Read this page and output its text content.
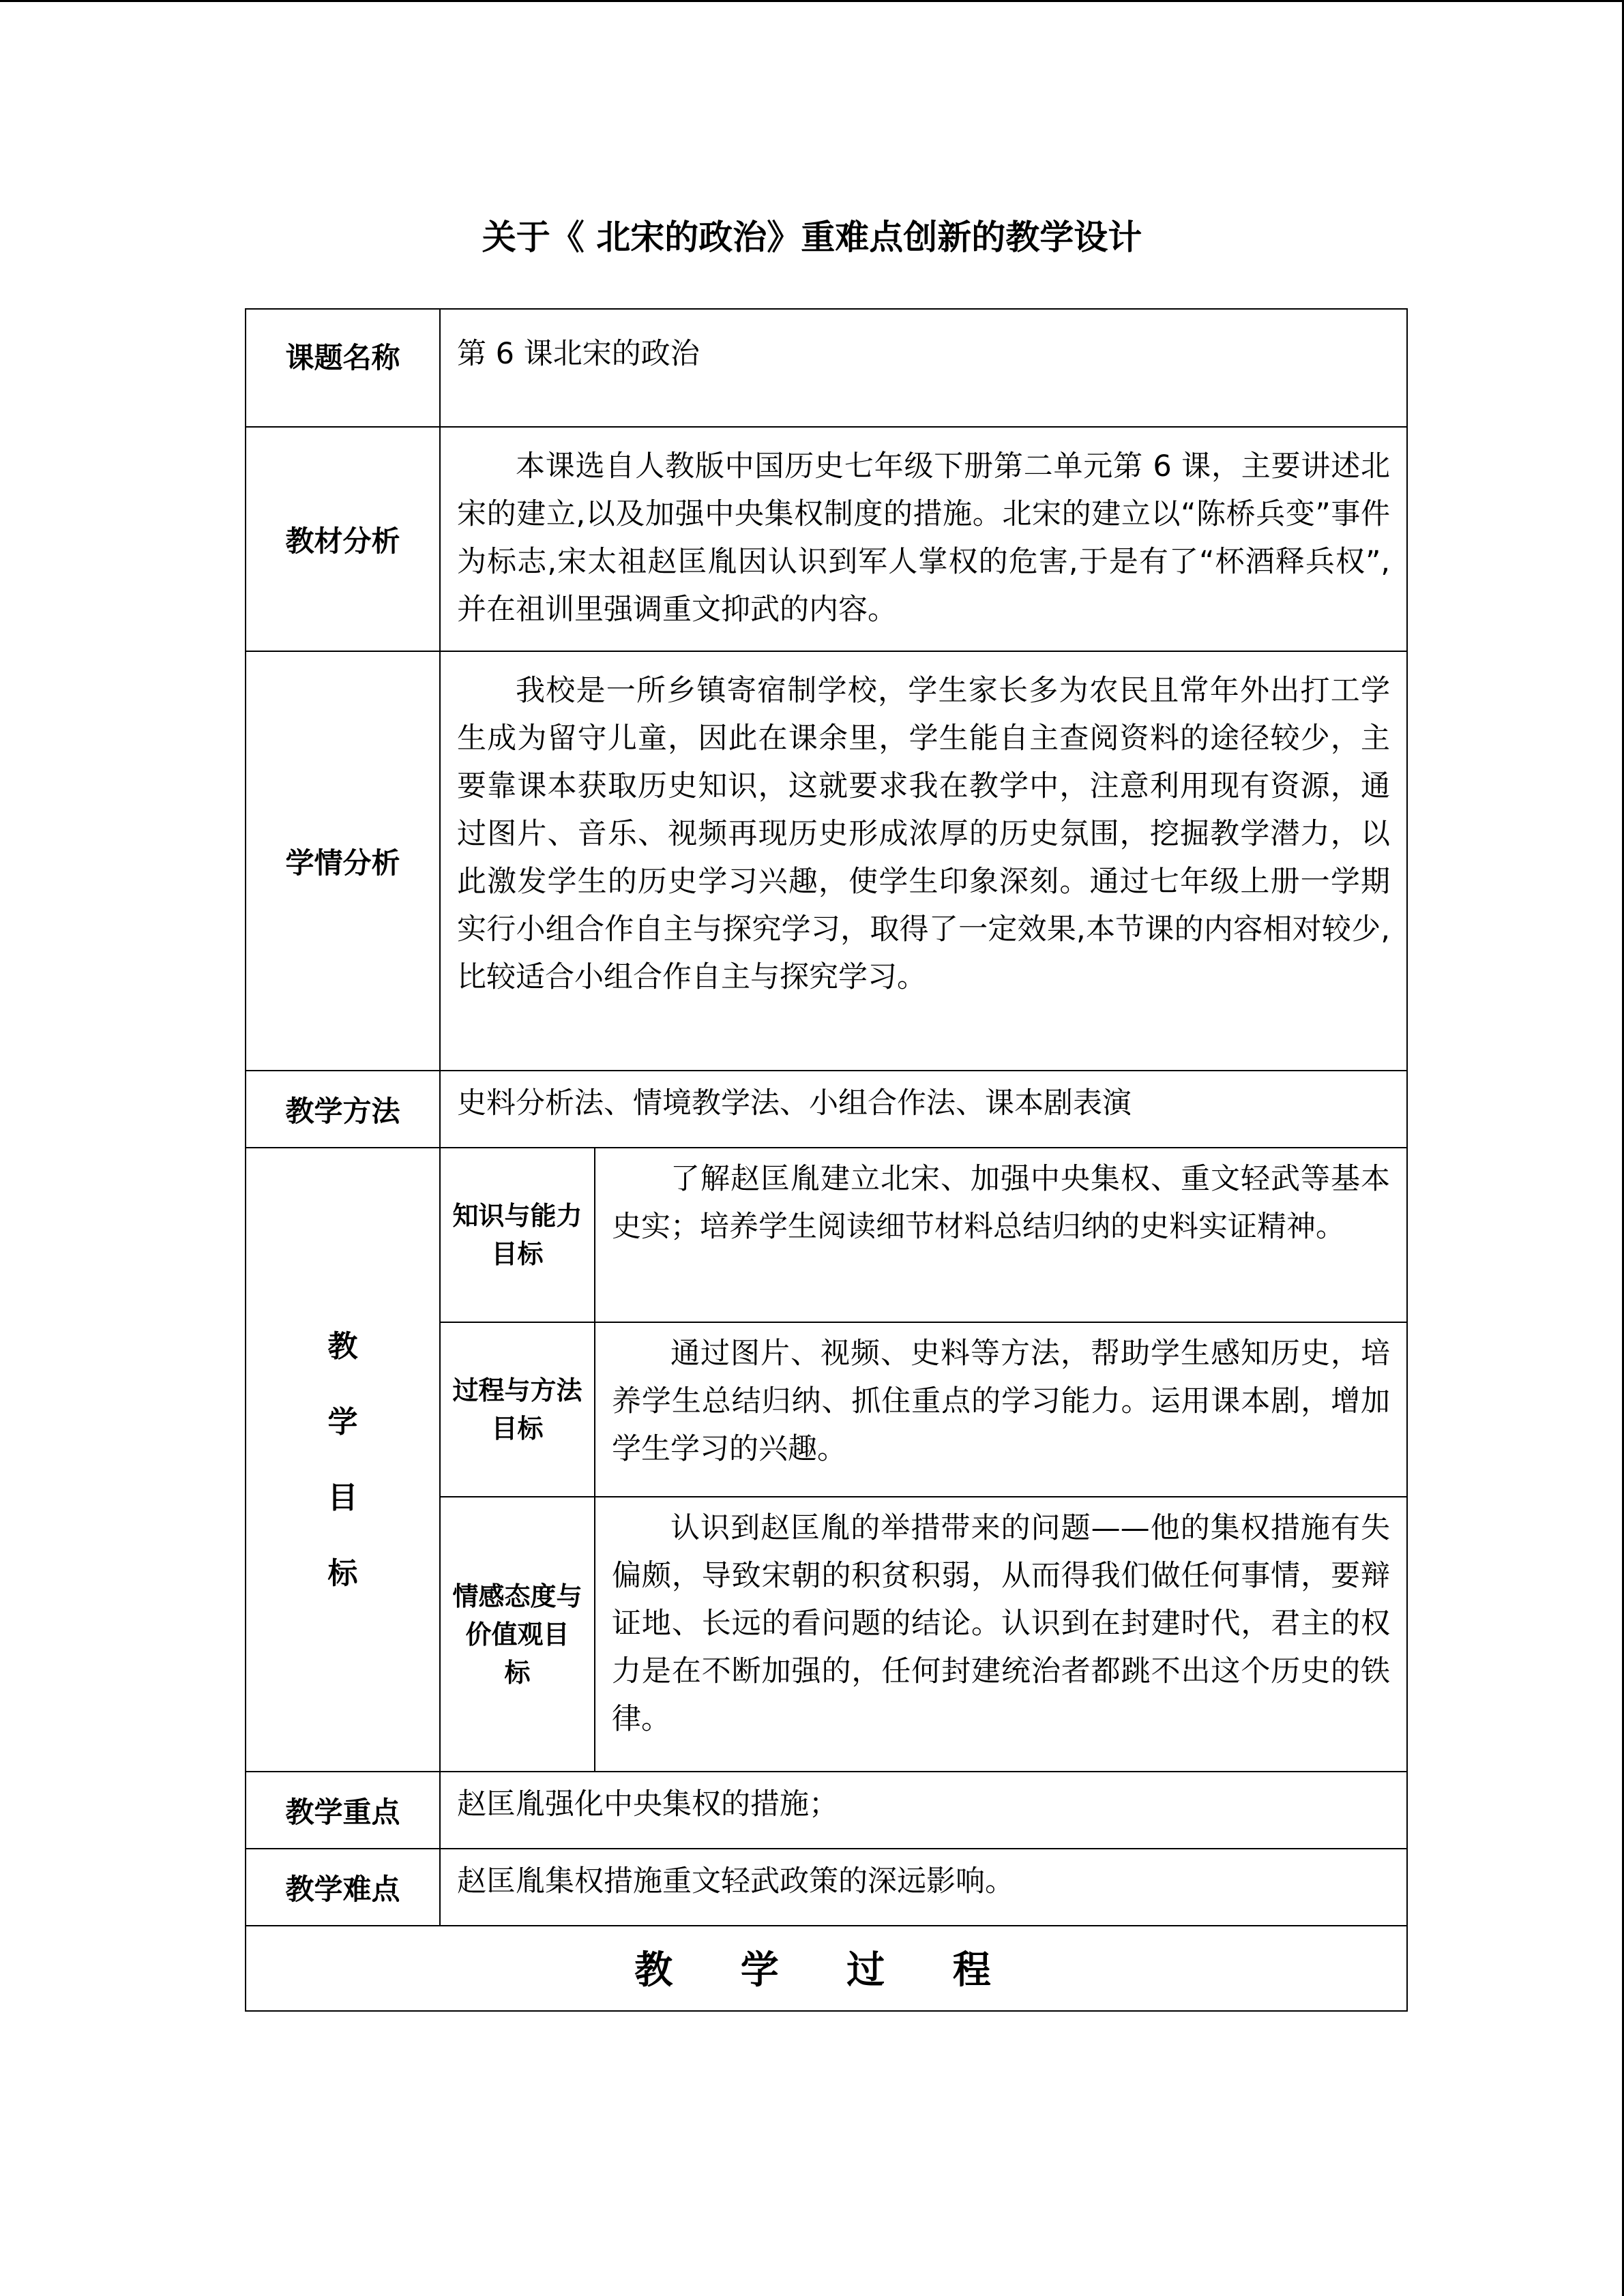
关于《 北宋的政治》重难点创新的教学设计
课题名称	第 6 课北宋的政治	
教材分析	本课选自人教版中国历史七年级下册第二单元第 6 课，主要讲述北宋的建立,以及加强中央集权制度的措施。北宋的建立以“陈桥兵变”事件为标志,宋太祖赵匡胤因认识到军人掌权的危害,于是有了“杯酒释兵权”,并在祖训里强调重文抑武的内容。	
学情分析	我校是一所乡镇寄宿制学校，学生家长多为农民且常年外出打工学生成为留守儿童，因此在课余里，学生能自主查阅资料的途径较少，主要靠课本获取历史知识，这就要求我在教学中，注意利用现有资源，通过图片、音乐、视频再现历史形成浓厚的历史氛围，挖掘教学潜力，以此激发学生的历史学习兴趣，使学生印象深刻。通过七年级上册一学期实行小组合作自主与探究学习，取得了一定效果,本节课的内容相对较少,比较适合小组合作自主与探究学习。	
教学方法	史料分析法、情境教学法、小组合作法、课本剧表演	

教
学
目
标	知识与能力目标	了解赵匡胤建立北宋、加强中央集权、重文轻武等基本史实；培养学生阅读细节材料总结归纳的史料实证精神。
	过程与方法目标	通过图片、视频、史料等方法，帮助学生感知历史，培养学生总结归纳、抓住重点的学习能力。运用课本剧，增加学生学习的兴趣。
	情感态度与价值观目 标	认识到赵匡胤的举措带来的问题——他的集权措施有失偏颇，导致宋朝的积贫积弱，从而得我们做任何事情，要辩证地、长远的看问题的结论。认识到在封建时代，君主的权力是在不断加强的，任何封建统治者都跳不出这个历史的铁律。
教学重点	赵匡胤强化中央集权的措施；	
教学难点	赵匡胤集权措施重文轻武政策的深远影响。	
教 学 过 程		
